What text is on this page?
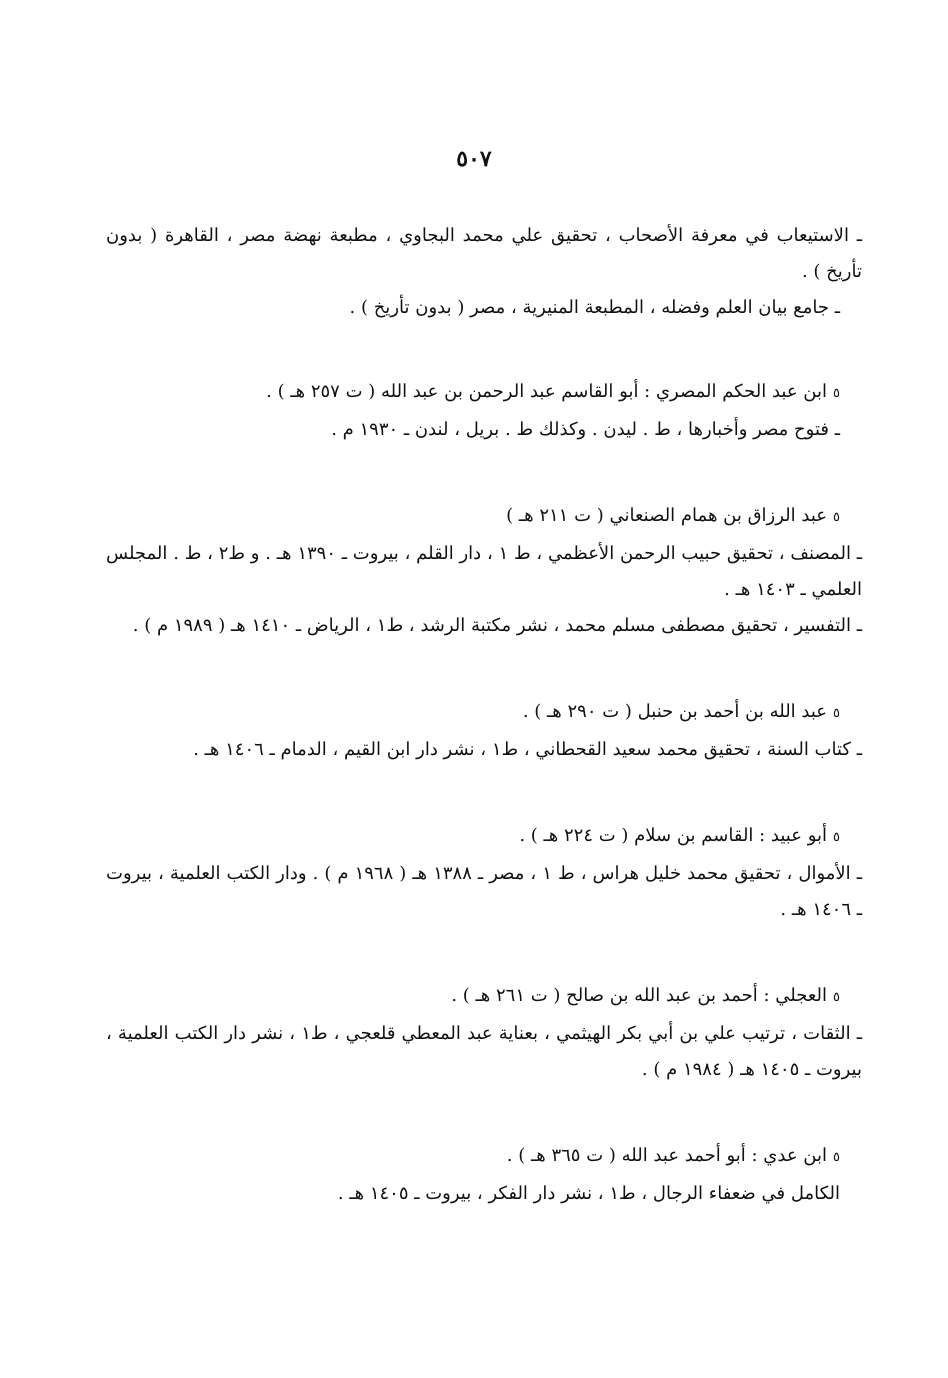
٥٠٧
ـ الاستيعاب في معرفة الأصحاب ، تحقيق علي محمد البجاوي ، مطبعة نهضة مصر ، القاهرة ( بدون تأريخ ) .
ـ جامع بيان العلم وفضله ، المطبعة المنيرية ، مصر ( بدون تأريخ ) .
٥ابن عبد الحكم المصري : أبو القاسم عبد الرحمن بن عبد الله ( ت ٢٥٧ هـ ) .
ـ فتوح مصر وأخبارها ، ط . ليدن . وكذلك ط . بريل ، لندن ـ ١٩٣٠ م .
٥عبد الرزاق بن همام الصنعاني ( ت ٢١١ هـ )
ـ المصنف ، تحقيق حبيب الرحمن الأعظمي ، ط ١ ، دار القلم ، بيروت ـ ١٣٩٠ هـ . و ط٢ ، ط . المجلس العلمي ـ ١٤٠٣ هـ .
ـ التفسير ، تحقيق مصطفى مسلم محمد ، نشر مكتبة الرشد ، ط١ ، الرياض ـ ١٤١٠ هـ ( ١٩٨٩ م ) .
٥عبد الله بن أحمد بن حنبل ( ت ٢٩٠ هـ ) .
ـ كتاب السنة ، تحقيق محمد سعيد القحطاني ، ط١ ، نشر دار ابن القيم ، الدمام ـ ١٤٠٦ هـ .
٥أبو عبيد : القاسم بن سلام ( ت ٢٢٤ هـ ) .
ـ الأموال ، تحقيق محمد خليل هراس ، ط ١ ، مصر ـ ١٣٨٨ هـ ( ١٩٦٨ م ) . ودار الكتب العلمية ، بيروت ـ ١٤٠٦ هـ .
٥العجلي : أحمد بن عبد الله بن صالح ( ت ٢٦١ هـ ) .
ـ الثقات ، ترتيب علي بن أبي بكر الهيثمي ، بعناية عبد المعطي قلعجي ، ط١ ، نشر دار الكتب العلمية ، بيروت ـ ١٤٠٥ هـ ( ١٩٨٤ م ) .
٥ابن عدي : أبو أحمد عبد الله ( ت ٣٦٥ هـ ) .
الكامل في ضعفاء الرجال ، ط١ ، نشر دار الفكر ، بيروت ـ ١٤٠٥ هـ .
